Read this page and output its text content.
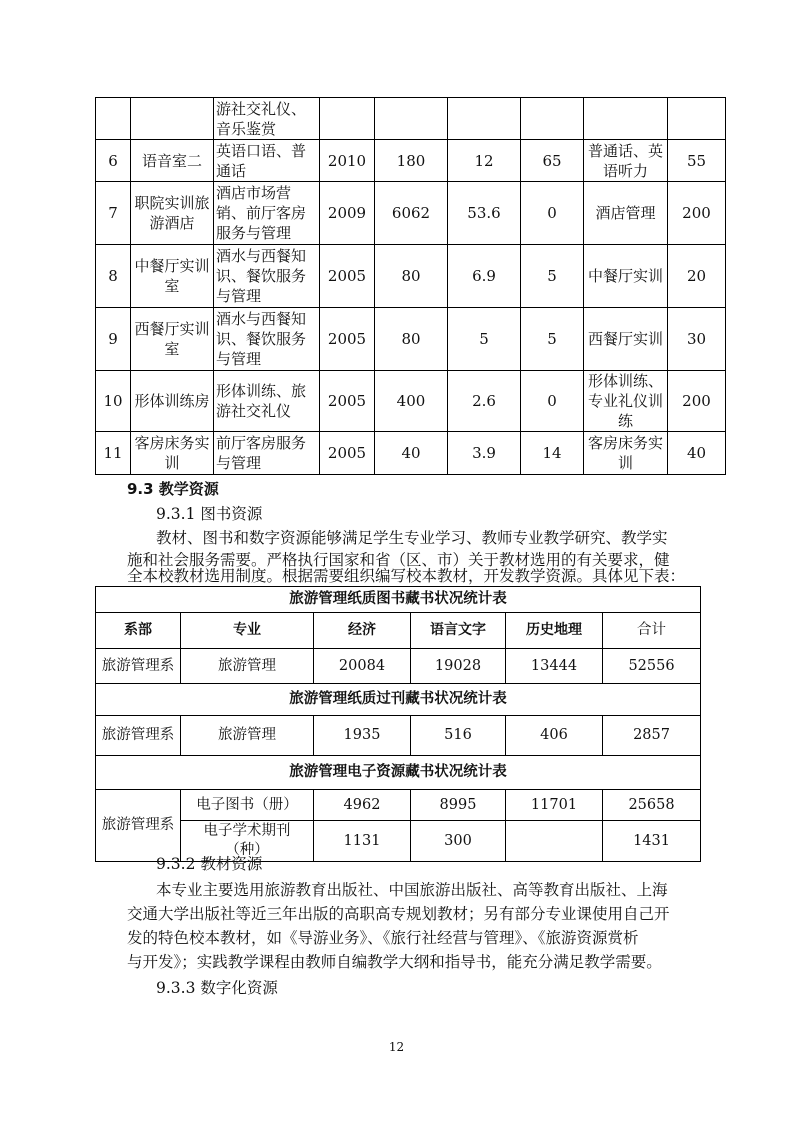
		游社交礼仪、音乐鉴赏						
6	语音室二	英语口语、普通话	2010	180	12	65	普通话、英语听力	55
7	职院实训旅游酒店	酒店市场营销、前厅客房服务与管理	2009	6062	53.6	0	酒店管理	200
8	中餐厅实训室	酒水与西餐知识、餐饮服务与管理	2005	80	6.9	5	中餐厅实训	20
9	西餐厅实训室	酒水与西餐知识、餐饮服务与管理	2005	80	5	5	西餐厅实训	30
10	形体训练房	形体训练、旅游社交礼仪	2005	400	2.6	0	形体训练、专业礼仪训练	200
11	客房床务实训	前厅客房服务与管理	2005	40	3.9	14	客房床务实训	40

9.3 教学资源

9.3.1 图书资源

教材、图书和数字资源能够满足学生专业学习、教师专业教学研究、教学实

施和社会服务需要。严格执行国家和省（区、市）关于教材选用的有关要求，健

全本校教材选用制度。根据需要组织编写校本教材，开发教学资源。具体见下表：

旅游管理纸质图书藏书状况统计表					
系部	专业	经济	语言文字	历史地理	合计
旅游管理系	旅游管理	20084	19028	13444	52556
旅游管理纸质过刊藏书状况统计表					
旅游管理系	旅游管理	1935	516	406	2857
旅游管理电子资源藏书状况统计表					
旅游管理系	电子图书（册）	4962	8995	11701	25658
	电子学术期刊（种）	1131	300		1431

9.3.2 教材资源

本专业主要选用旅游教育出版社、中国旅游出版社、高等教育出版社、上海

交通大学出版社等近三年出版的高职高专规划教材；另有部分专业课使用自己开

发的特色校本教材，如《导游业务》、《旅行社经营与管理》、《旅游资源赏析

与开发》；实践教学课程由教师自编教学大纲和指导书，能充分满足教学需要。

9.3.3 数字化资源

12
